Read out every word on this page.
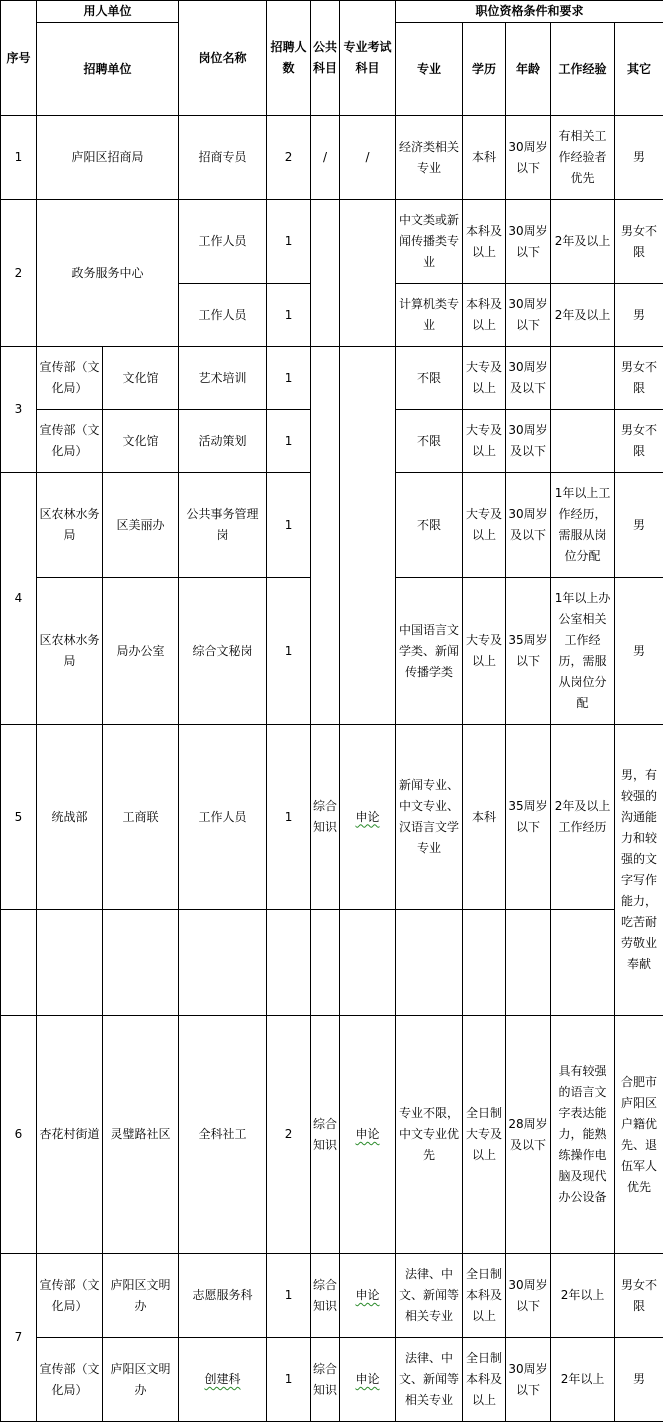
序号	用人单位		岗位名称	招聘人数	公共科目	专业考试科目	职位资格条件和要求				
	招聘单位						专业	学历	年龄	工作经验	其它
1	庐阳区招商局		招商专员	2	/	/	经济类相关专业	本科	30周岁以下	有相关工作经验者优先	男
2	政务服务中心		工作人员	1			中文类或新闻传播类专业	本科及以上	30周岁以下	2年及以上	男女不限
			工作人员	1			计算机类专业	本科及以上	30周岁以下	2年及以上	男
3	宣传部（文化局）	文化馆	艺术培训	1			不限	大专及以上	30周岁及以下		男女不限
	宣传部（文化局）	文化馆	活动策划	1			不限	大专及以上	30周岁及以下		男女不限
4	区农林水务局	区美丽办	公共事务管理岗	1			不限	大专及以上	30周岁及以下	1年以上工作经历，需服从岗位分配	男
	区农林水务局	局办公室	综合文秘岗	1			中国语言文学类、新闻传播学类	大专及以上	35周岁以下	1年以上办公室相关工作经历，需服从岗位分配	男
5	统战部	工商联	工作人员	1	综合知识	申论	新闻专业、中文专业、汉语言文学专业	本科	35周岁以下	2年及以上工作经历	男，有较强的沟通能力和较强的文字写作能力，吃苦耐劳敬业奉献

6	杏花村街道	灵璧路社区	全科社工	2	综合知识	申论	专业不限，中文专业优先	全日制大专及以上	28周岁及以下	具有较强的语言文字表达能力，能熟练操作电脑及现代办公设备	合肥市庐阳区户籍优先、退伍军人优先
7	宣传部（文化局）	庐阳区文明办	志愿服务科	1	综合知识	申论	法律、中文、新闻等相关专业	全日制本科及以上	30周岁以下	2年以上	男女不限
	宣传部（文化局）	庐阳区文明办	创建科	1	综合知识	申论	法律、中文、新闻等相关专业	全日制本科及以上	30周岁以下	2年以上	男
